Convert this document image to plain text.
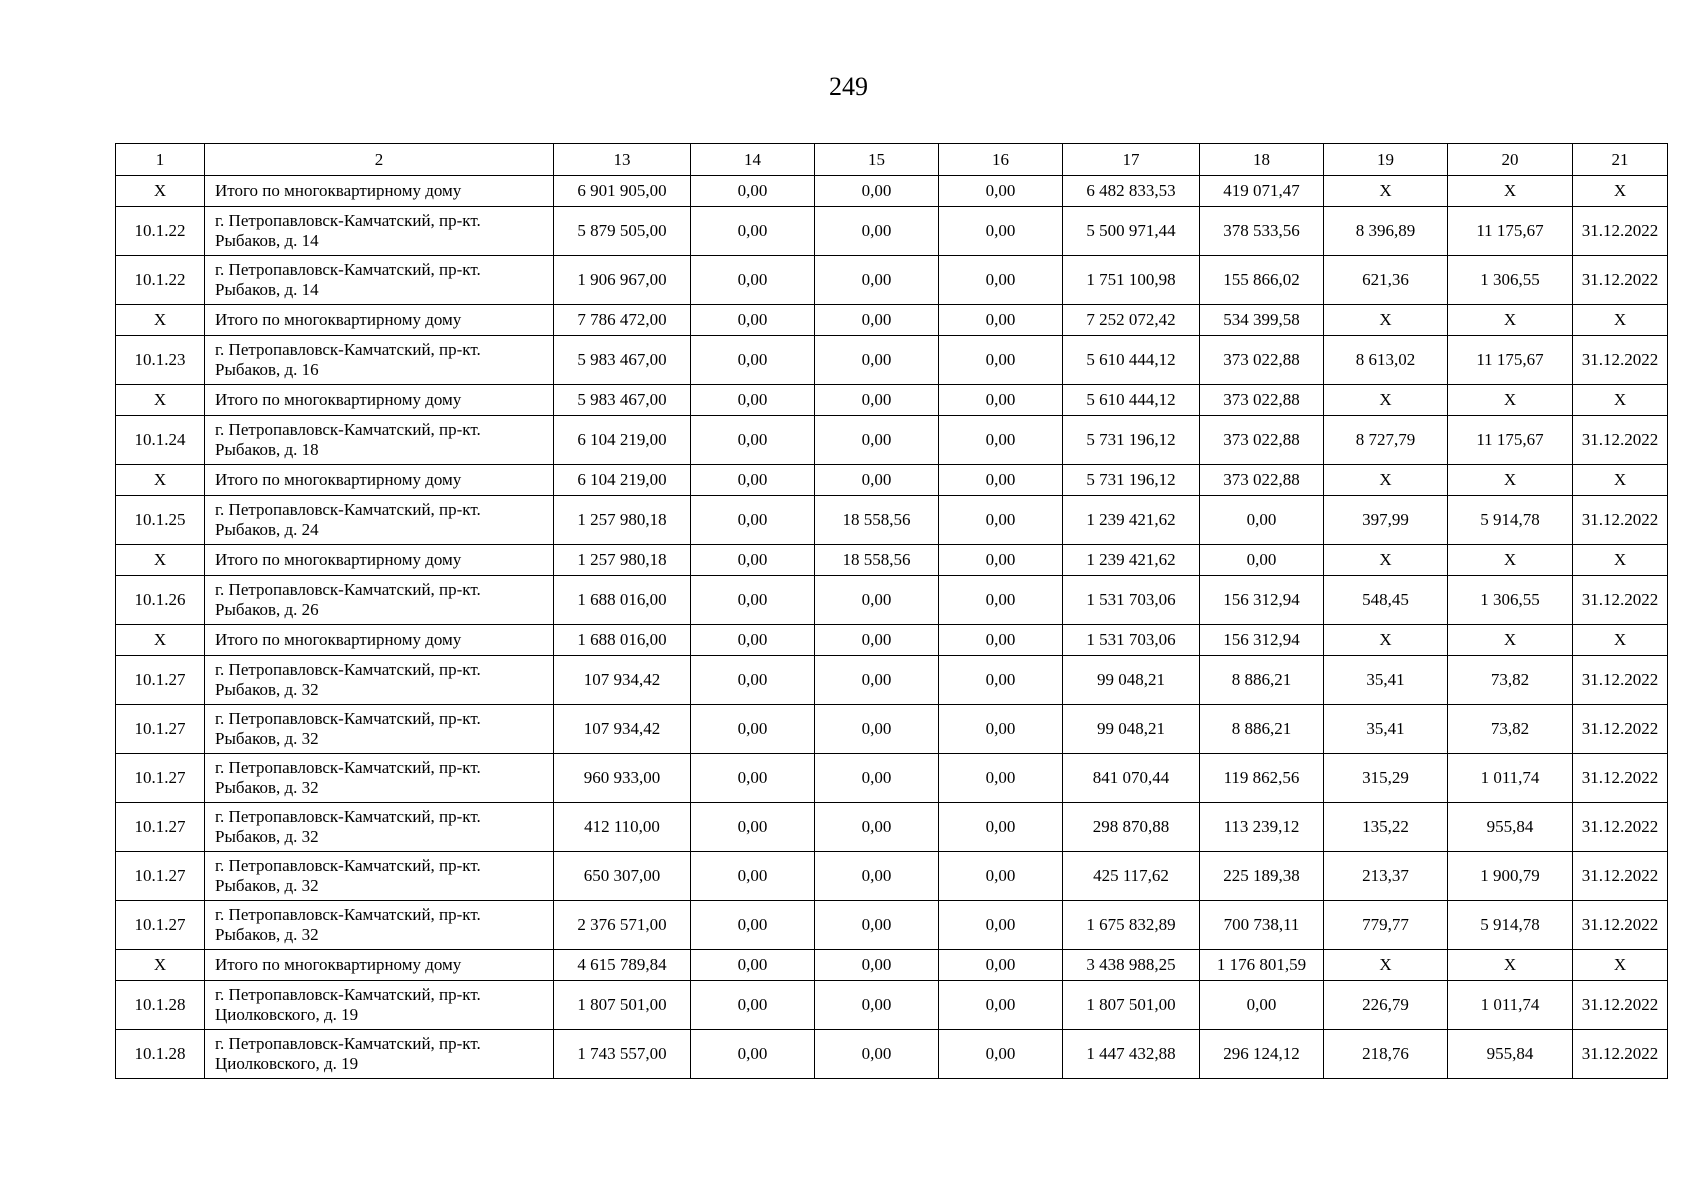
249
1	2	13	14	15	16	17	18	19	20	21
Х	Итого по многоквартирному дому	6 901 905,00	0,00	0,00	0,00	6 482 833,53	419 071,47	Х	Х	Х
10.1.22	г. Петропавловск-Камчатский, пр-кт.
Рыбаков, д. 14	5 879 505,00	0,00	0,00	0,00	5 500 971,44	378 533,56	8 396,89	11 175,67	31.12.2022
10.1.22	г. Петропавловск-Камчатский, пр-кт.
Рыбаков, д. 14	1 906 967,00	0,00	0,00	0,00	1 751 100,98	155 866,02	621,36	1 306,55	31.12.2022
Х	Итого по многоквартирному дому	7 786 472,00	0,00	0,00	0,00	7 252 072,42	534 399,58	Х	Х	Х
10.1.23	г. Петропавловск-Камчатский, пр-кт.
Рыбаков, д. 16	5 983 467,00	0,00	0,00	0,00	5 610 444,12	373 022,88	8 613,02	11 175,67	31.12.2022
Х	Итого по многоквартирному дому	5 983 467,00	0,00	0,00	0,00	5 610 444,12	373 022,88	Х	Х	Х
10.1.24	г. Петропавловск-Камчатский, пр-кт.
Рыбаков, д. 18	6 104 219,00	0,00	0,00	0,00	5 731 196,12	373 022,88	8 727,79	11 175,67	31.12.2022
Х	Итого по многоквартирному дому	6 104 219,00	0,00	0,00	0,00	5 731 196,12	373 022,88	Х	Х	Х
10.1.25	г. Петропавловск-Камчатский, пр-кт.
Рыбаков, д. 24	1 257 980,18	0,00	18 558,56	0,00	1 239 421,62	0,00	397,99	5 914,78	31.12.2022
Х	Итого по многоквартирному дому	1 257 980,18	0,00	18 558,56	0,00	1 239 421,62	0,00	Х	Х	Х
10.1.26	г. Петропавловск-Камчатский, пр-кт.
Рыбаков, д. 26	1 688 016,00	0,00	0,00	0,00	1 531 703,06	156 312,94	548,45	1 306,55	31.12.2022
Х	Итого по многоквартирному дому	1 688 016,00	0,00	0,00	0,00	1 531 703,06	156 312,94	Х	Х	Х
10.1.27	г. Петропавловск-Камчатский, пр-кт.
Рыбаков, д. 32	107 934,42	0,00	0,00	0,00	99 048,21	8 886,21	35,41	73,82	31.12.2022
10.1.27	г. Петропавловск-Камчатский, пр-кт.
Рыбаков, д. 32	107 934,42	0,00	0,00	0,00	99 048,21	8 886,21	35,41	73,82	31.12.2022
10.1.27	г. Петропавловск-Камчатский, пр-кт.
Рыбаков, д. 32	960 933,00	0,00	0,00	0,00	841 070,44	119 862,56	315,29	1 011,74	31.12.2022
10.1.27	г. Петропавловск-Камчатский, пр-кт.
Рыбаков, д. 32	412 110,00	0,00	0,00	0,00	298 870,88	113 239,12	135,22	955,84	31.12.2022
10.1.27	г. Петропавловск-Камчатский, пр-кт.
Рыбаков, д. 32	650 307,00	0,00	0,00	0,00	425 117,62	225 189,38	213,37	1 900,79	31.12.2022
10.1.27	г. Петропавловск-Камчатский, пр-кт.
Рыбаков, д. 32	2 376 571,00	0,00	0,00	0,00	1 675 832,89	700 738,11	779,77	5 914,78	31.12.2022
Х	Итого по многоквартирному дому	4 615 789,84	0,00	0,00	0,00	3 438 988,25	1 176 801,59	Х	Х	Х
10.1.28	г. Петропавловск-Камчатский, пр-кт.
Циолковского, д. 19	1 807 501,00	0,00	0,00	0,00	1 807 501,00	0,00	226,79	1 011,74	31.12.2022
10.1.28	г. Петропавловск-Камчатский, пр-кт.
Циолковского, д. 19	1 743 557,00	0,00	0,00	0,00	1 447 432,88	296 124,12	218,76	955,84	31.12.2022
